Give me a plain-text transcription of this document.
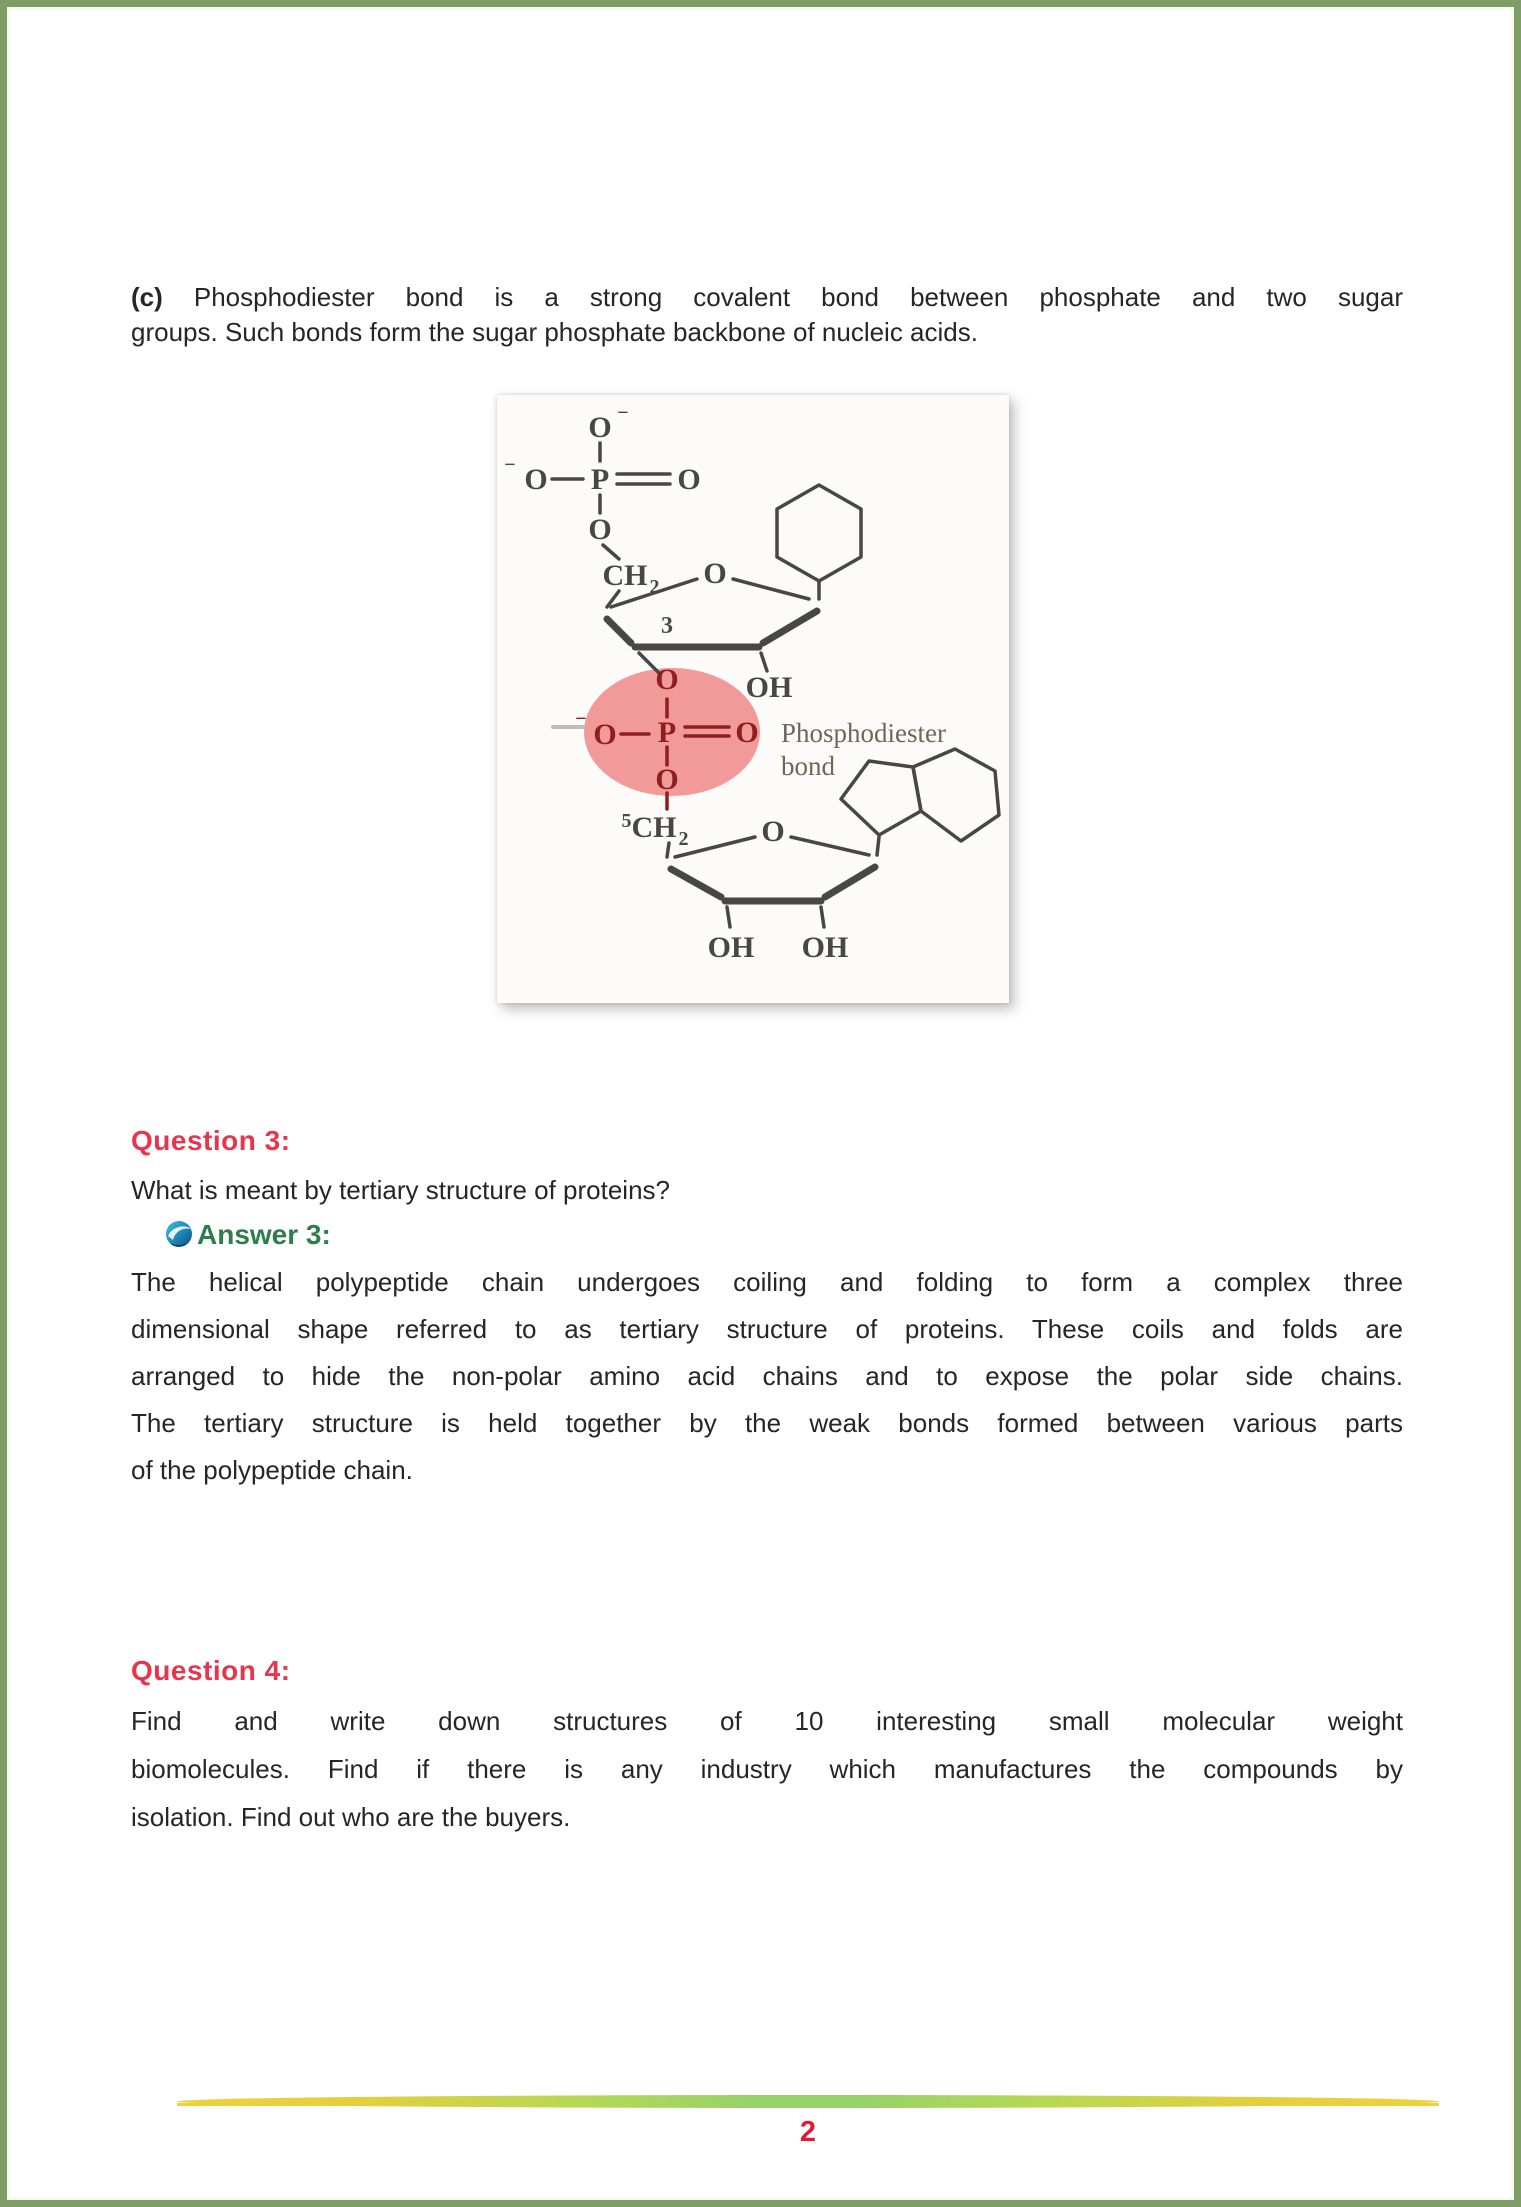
(c) Phosphodiester bond is a strong covalent bond between phosphate and two sugar
groups. Such bonds form the sugar phosphate backbone of nucleic acids.
O −
P
O
−	O
O
CH 2 O
3
OH
O
P
O
−	O
O
Phosphodiester
bond
5CH 2 O
OH OH
Question 3:
What is meant by tertiary structure of proteins?
Answer 3:
The helical polypeptide chain undergoes coiling and folding to form a complex three
dimensional shape referred to as tertiary structure of proteins. These coils and folds are
arranged to hide the non-polar amino acid chains and to expose the polar side chains.
The tertiary structure is held together by the weak bonds formed between various parts
of the polypeptide chain.
Question 4:
Find and write down structures of 10 interesting small molecular weight
biomolecules. Find if there is any industry which manufactures the compounds by
isolation. Find out who are the buyers.
2
